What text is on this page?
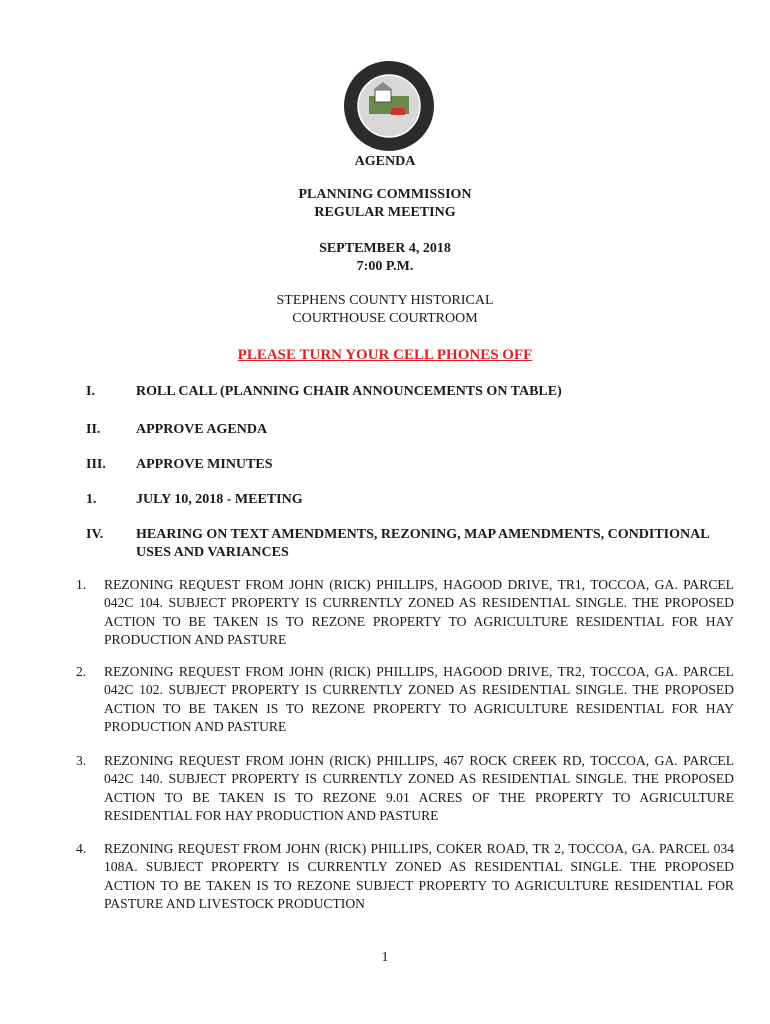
AGENDA
PLANNING COMMISSION
REGULAR MEETING
SEPTEMBER 4, 2018
7:00 P.M.
STEPHENS COUNTY HISTORICAL
COURTHOUSE COURTROOM
PLEASE TURN YOUR CELL PHONES OFF
I.	ROLL CALL (PLANNING CHAIR ANNOUNCEMENTS ON TABLE)
II.	APPROVE AGENDA
III.	APPROVE MINUTES
1.	JULY 10, 2018 - MEETING
IV.	HEARING ON TEXT AMENDMENTS, REZONING, MAP AMENDMENTS, CONDITIONAL USES AND VARIANCES
1. REZONING REQUEST FROM JOHN (RICK) PHILLIPS, HAGOOD DRIVE, TR1, TOCCOA, GA. PARCEL 042C 104. SUBJECT PROPERTY IS CURRENTLY ZONED AS RESIDENTIAL SINGLE. THE PROPOSED ACTION TO BE TAKEN IS TO REZONE PROPERTY TO AGRICULTURE RESIDENTIAL FOR HAY PRODUCTION AND PASTURE
2. REZONING REQUEST FROM JOHN (RICK) PHILLIPS, HAGOOD DRIVE, TR2, TOCCOA, GA. PARCEL 042C 102. SUBJECT PROPERTY IS CURRENTLY ZONED AS RESIDENTIAL SINGLE. THE PROPOSED ACTION TO BE TAKEN IS TO REZONE PROPERTY TO AGRICULTURE RESIDENTIAL FOR HAY PRODUCTION AND PASTURE
3. REZONING REQUEST FROM JOHN (RICK) PHILLIPS, 467 ROCK CREEK RD, TOCCOA, GA. PARCEL 042C 140. SUBJECT PROPERTY IS CURRENTLY ZONED AS RESIDENTIAL SINGLE. THE PROPOSED ACTION TO BE TAKEN IS TO REZONE 9.01 ACRES OF THE PROPERTY TO AGRICULTURE RESIDENTIAL FOR HAY PRODUCTION AND PASTURE
4. REZONING REQUEST FROM JOHN (RICK) PHILLIPS, COKER ROAD, TR 2, TOCCOA, GA. PARCEL 034 108A. SUBJECT PROPERTY IS CURRENTLY ZONED AS RESIDENTIAL SINGLE. THE PROPOSED ACTION TO BE TAKEN IS TO REZONE SUBJECT PROPERTY TO AGRICULTURE RESIDENTIAL FOR PASTURE AND LIVESTOCK PRODUCTION
1
